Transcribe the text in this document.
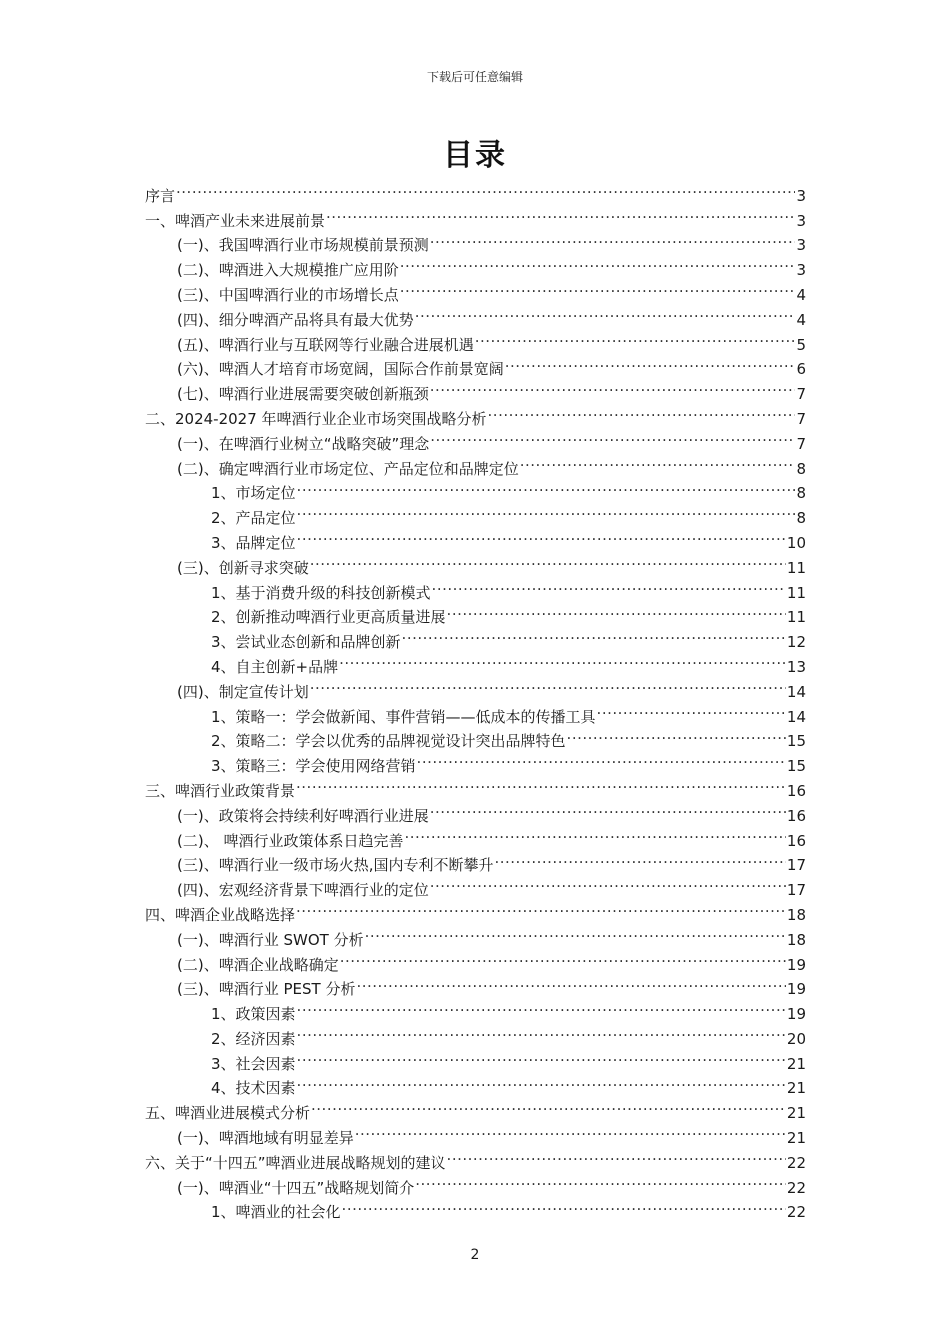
下载后可任意编辑
目录
序言 .....	3
一、啤酒产业未来进展前景 .....	3
(一)、我国啤酒行业市场规模前景预测 .....	3
(二)、啤酒进入大规模推广应用阶 .....	3
(三)、中国啤酒行业的市场增长点 .....	4
(四)、细分啤酒产品将具有最大优势 .....	4
(五)、啤酒行业与互联网等行业融合进展机遇 .....	5
(六)、啤酒人才培育市场宽阔，国际合作前景宽阔 .....	6
(七)、啤酒行业进展需要突破创新瓶颈 .....	7
二、2024-2027 年啤酒行业企业市场突围战略分析 .....	7
(一)、在啤酒行业树立“战略突破”理念 .....	7
(二)、确定啤酒行业市场定位、产品定位和品牌定位 .....	8
1、市场定位 .....	8
2、产品定位 .....	8
3、品牌定位 .....	10
(三)、创新寻求突破 .....	11
1、基于消费升级的科技创新模式 .....	11
2、创新推动啤酒行业更高质量进展 .....	11
3、尝试业态创新和品牌创新 .....	12
4、自主创新+品牌 .....	13
(四)、制定宣传计划 .....	14
1、策略一：学会做新闻、事件营销——低成本的传播工具 .....	14
2、策略二：学会以优秀的品牌视觉设计突出品牌特色 .....	15
3、策略三：学会使用网络营销 .....	15
三、啤酒行业政策背景 .....	16
(一)、政策将会持续利好啤酒行业进展 .....	16
(二)、 啤酒行业政策体系日趋完善 .....	16
(三)、啤酒行业一级市场火热,国内专利不断攀升 .....	17
(四)、宏观经济背景下啤酒行业的定位 .....	17
四、啤酒企业战略选择 .....	18
(一)、啤酒行业 SWOT 分析 .....	18
(二)、啤酒企业战略确定 .....	19
(三)、啤酒行业 PEST 分析 .....	19
1、政策因素 .....	19
2、经济因素 .....	20
3、社会因素 .....	21
4、技术因素 .....	21
五、啤酒业进展模式分析 .....	21
(一)、啤酒地域有明显差异 .....	21
六、关于“十四五”啤酒业进展战略规划的建议 .....	22
(一)、啤酒业“十四五”战略规划简介 .....	22
1、啤酒业的社会化 .....	22
2
